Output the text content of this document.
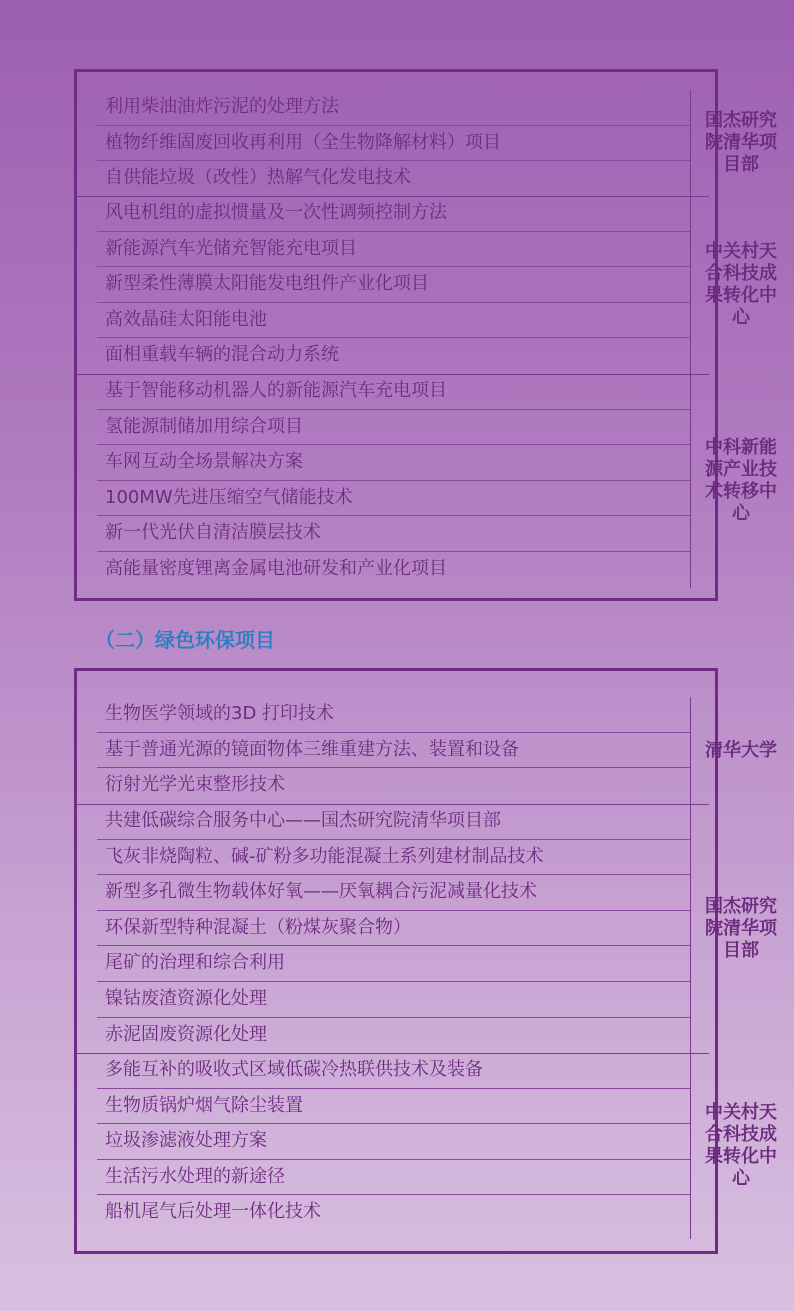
利用柴油油炸污泥的处理方法
植物纤维固废回收再利用（全生物降解材料）项目
自供能垃圾（改性）热解气化发电技术
国杰研究院清华项目部
风电机组的虚拟惯量及一次性调频控制方法
新能源汽车光储充智能充电项目
新型柔性薄膜太阳能发电组件产业化项目
高效晶硅太阳能电池
面相重载车辆的混合动力系统
中关村天合科技成果转化中心
基于智能移动机器人的新能源汽车充电项目
氢能源制储加用综合项目
车网互动全场景解决方案
100MW先进压缩空气储能技术
新一代光伏自清洁膜层技术
高能量密度锂离金属电池研发和产业化项目
中科新能源产业技术转移中心
（二）绿色环保项目
生物医学领域的3D 打印技术
基于普通光源的镜面物体三维重建方法、装置和设备
衍射光学光束整形技术
清华大学
共建低碳综合服务中心——国杰研究院清华项目部
飞灰非烧陶粒、碱-矿粉多功能混凝土系列建材制品技术
新型多孔微生物载体好氧——厌氧耦合污泥减量化技术
环保新型特种混凝土（粉煤灰聚合物）
尾矿的治理和综合利用
镍钴废渣资源化处理
赤泥固废资源化处理
国杰研究院清华项目部
多能互补的吸收式区域低碳冷热联供技术及装备
生物质锅炉烟气除尘装置
垃圾渗滤液处理方案
生活污水处理的新途径
船机尾气后处理一体化技术
中关村天合科技成果转化中心
